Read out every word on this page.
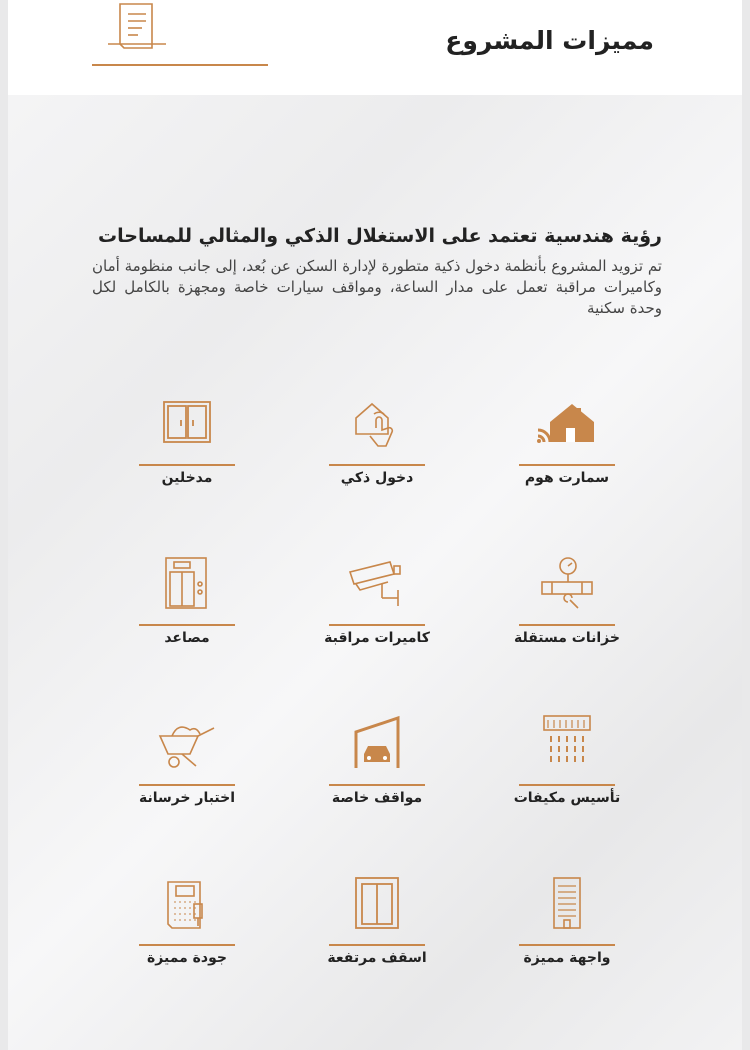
مميزات المشروع

رؤية هندسية تعتمد على الاستغلال الذكي والمثالي للمساحات

تم تزويد المشروع بأنظمة دخول ذكية متطورة لإدارة السكن عن بُعد، إلى جانب منظومة أمان وكاميرات مراقبة تعمل على مدار الساعة، ومواقف سيارات خاصة ومجهزة بالكامل لكل وحدة سكنية

سمارت هوم
دخول ذكي
مدخلين
خزانات مستقلة
كاميرات مراقبة
مصاعد
تأسيس مكيفات
مواقف خاصة
اختبار خرسانة
واجهة مميزة
اسقف مرتفعة
جودة مميزة
